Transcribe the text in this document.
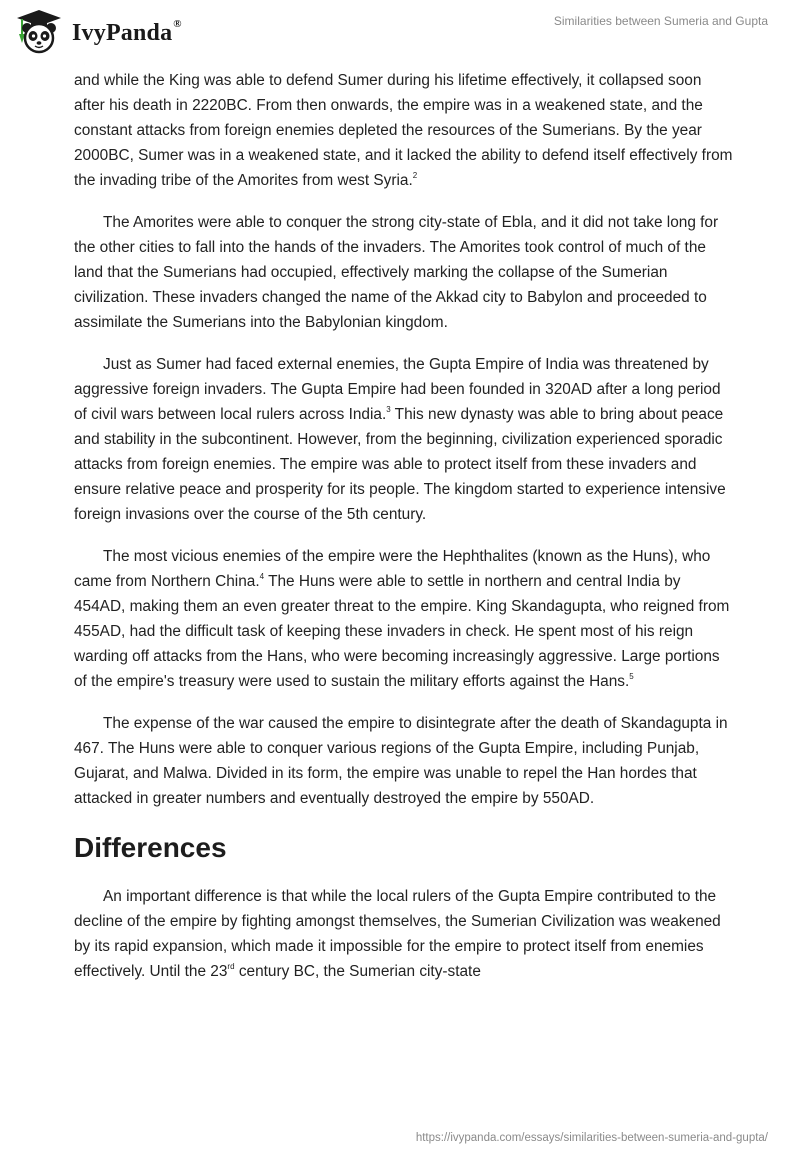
IvyPanda®	Similarities between Sumeria and Gupta

and while the King was able to defend Sumer during his lifetime effectively, it collapsed soon after his death in 2220BC. From then onwards, the empire was in a weakened state, and the constant attacks from foreign enemies depleted the resources of the Sumerians. By the year 2000BC, Sumer was in a weakened state, and it lacked the ability to defend itself effectively from the invading tribe of the Amorites from west Syria.$^2$

The Amorites were able to conquer the strong city-state of Ebla, and it did not take long for the other cities to fall into the hands of the invaders. The Amorites took control of much of the land that the Sumerians had occupied, effectively marking the collapse of the Sumerian civilization. These invaders changed the name of the Akkad city to Babylon and proceeded to assimilate the Sumerians into the Babylonian kingdom.

Just as Sumer had faced external enemies, the Gupta Empire of India was threatened by aggressive foreign invaders. The Gupta Empire had been founded in 320AD after a long period of civil wars between local rulers across India.$^3$ This new dynasty was able to bring about peace and stability in the subcontinent. However, from the beginning, civilization experienced sporadic attacks from foreign enemies. The empire was able to protect itself from these invaders and ensure relative peace and prosperity for its people. The kingdom started to experience intensive foreign invasions over the course of the 5th century.

The most vicious enemies of the empire were the Hephthalites (known as the Huns), who came from Northern China.$^4$ The Huns were able to settle in northern and central India by 454AD, making them an even greater threat to the empire. King Skandagupta, who reigned from 455AD, had the difficult task of keeping these invaders in check. He spent most of his reign warding off attacks from the Hans, who were becoming increasingly aggressive. Large portions of the empire's treasury were used to sustain the military efforts against the Hans.$^5$

The expense of the war caused the empire to disintegrate after the death of Skandagupta in 467. The Huns were able to conquer various regions of the Gupta Empire, including Punjab, Gujarat, and Malwa. Divided in its form, the empire was unable to repel the Han hordes that attacked in greater numbers and eventually destroyed the empire by 550AD.

Differences

An important difference is that while the local rulers of the Gupta Empire contributed to the decline of the empire by fighting amongst themselves, the Sumerian Civilization was weakened by its rapid expansion, which made it impossible for the empire to protect itself from enemies effectively. Until the 23rd century BC, the Sumerian city-state

https://ivypanda.com/essays/similarities-between-sumeria-and-gupta/
